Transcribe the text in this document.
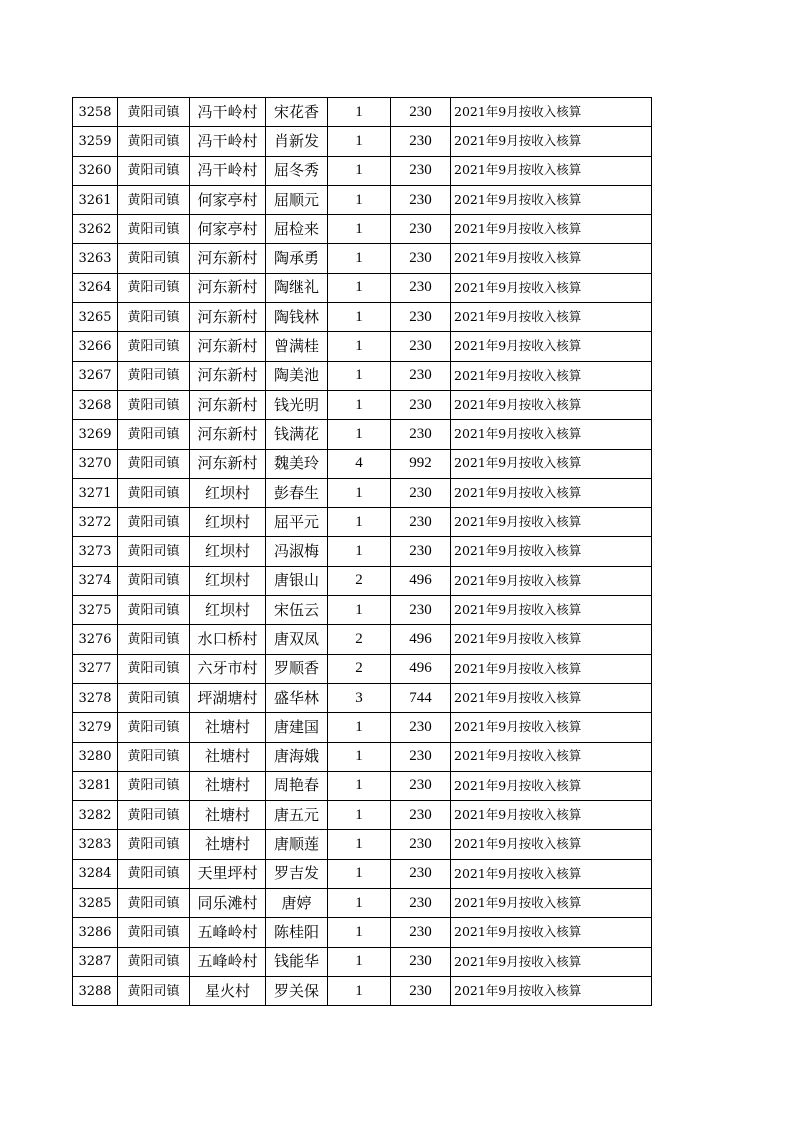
3258	黄阳司镇	冯干岭村	宋花香	1	230	2021年9月按收入核算
3259	黄阳司镇	冯干岭村	肖新发	1	230	2021年9月按收入核算
3260	黄阳司镇	冯干岭村	屈冬秀	1	230	2021年9月按收入核算
3261	黄阳司镇	何家亭村	屈顺元	1	230	2021年9月按收入核算
3262	黄阳司镇	何家亭村	屈检来	1	230	2021年9月按收入核算
3263	黄阳司镇	河东新村	陶承勇	1	230	2021年9月按收入核算
3264	黄阳司镇	河东新村	陶继礼	1	230	2021年9月按收入核算
3265	黄阳司镇	河东新村	陶钱林	1	230	2021年9月按收入核算
3266	黄阳司镇	河东新村	曾满桂	1	230	2021年9月按收入核算
3267	黄阳司镇	河东新村	陶美池	1	230	2021年9月按收入核算
3268	黄阳司镇	河东新村	钱光明	1	230	2021年9月按收入核算
3269	黄阳司镇	河东新村	钱满花	1	230	2021年9月按收入核算
3270	黄阳司镇	河东新村	魏美玲	4	992	2021年9月按收入核算
3271	黄阳司镇	红坝村	彭春生	1	230	2021年9月按收入核算
3272	黄阳司镇	红坝村	屈平元	1	230	2021年9月按收入核算
3273	黄阳司镇	红坝村	冯淑梅	1	230	2021年9月按收入核算
3274	黄阳司镇	红坝村	唐银山	2	496	2021年9月按收入核算
3275	黄阳司镇	红坝村	宋伍云	1	230	2021年9月按收入核算
3276	黄阳司镇	水口桥村	唐双凤	2	496	2021年9月按收入核算
3277	黄阳司镇	六牙市村	罗顺香	2	496	2021年9月按收入核算
3278	黄阳司镇	坪湖塘村	盛华林	3	744	2021年9月按收入核算
3279	黄阳司镇	社塘村	唐建国	1	230	2021年9月按收入核算
3280	黄阳司镇	社塘村	唐海娥	1	230	2021年9月按收入核算
3281	黄阳司镇	社塘村	周艳春	1	230	2021年9月按收入核算
3282	黄阳司镇	社塘村	唐五元	1	230	2021年9月按收入核算
3283	黄阳司镇	社塘村	唐顺莲	1	230	2021年9月按收入核算
3284	黄阳司镇	天里坪村	罗吉发	1	230	2021年9月按收入核算
3285	黄阳司镇	同乐滩村	唐婷	1	230	2021年9月按收入核算
3286	黄阳司镇	五峰岭村	陈桂阳	1	230	2021年9月按收入核算
3287	黄阳司镇	五峰岭村	钱能华	1	230	2021年9月按收入核算
3288	黄阳司镇	星火村	罗关保	1	230	2021年9月按收入核算
